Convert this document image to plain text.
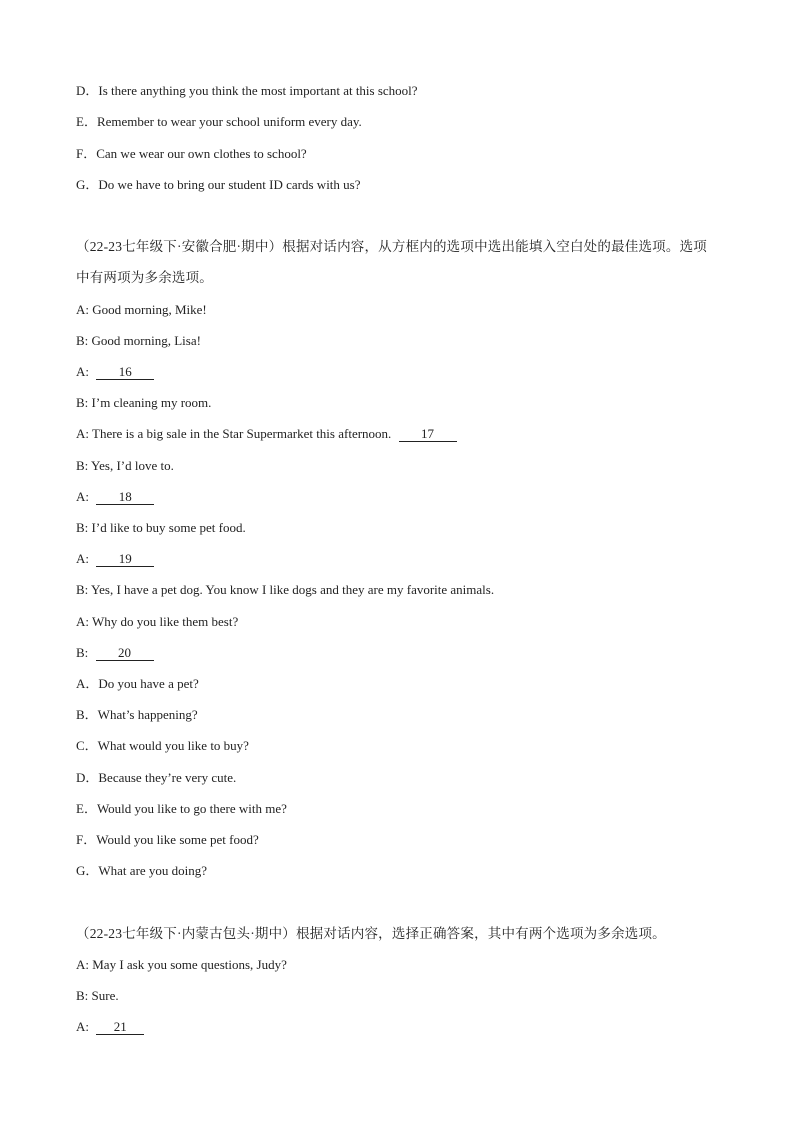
D．Is there anything you think the most important at this school?
E．Remember to wear your school uniform every day.
F．Can we wear our own clothes to school?
G．Do we have to bring our student ID cards with us?
（22-23七年级下·安徽合肥·期中）根据对话内容，从方框内的选项中选出能填入空白处的最佳选项。选项
中有两项为多余选项。
A: Good morning, Mike!
B: Good morning, Lisa!
A: 16
B: I’m cleaning my room.
A: There is a big sale in the Star Supermarket this afternoon. 17
B: Yes, I’d love to.
A: 18
B: I’d like to buy some pet food.
A: 19
B: Yes, I have a pet dog. You know I like dogs and they are my favorite animals.
A: Why do you like them best?
B: 20
A．Do you have a pet?
B．What’s happening?
C．What would you like to buy?
D．Because they’re very cute.
E．Would you like to go there with me?
F．Would you like some pet food?
G．What are you doing?
（22-23七年级下·内蒙古包头·期中）根据对话内容，选择正确答案，其中有两个选项为多余选项。
A: May I ask you some questions, Judy?
B: Sure.
A: 21
